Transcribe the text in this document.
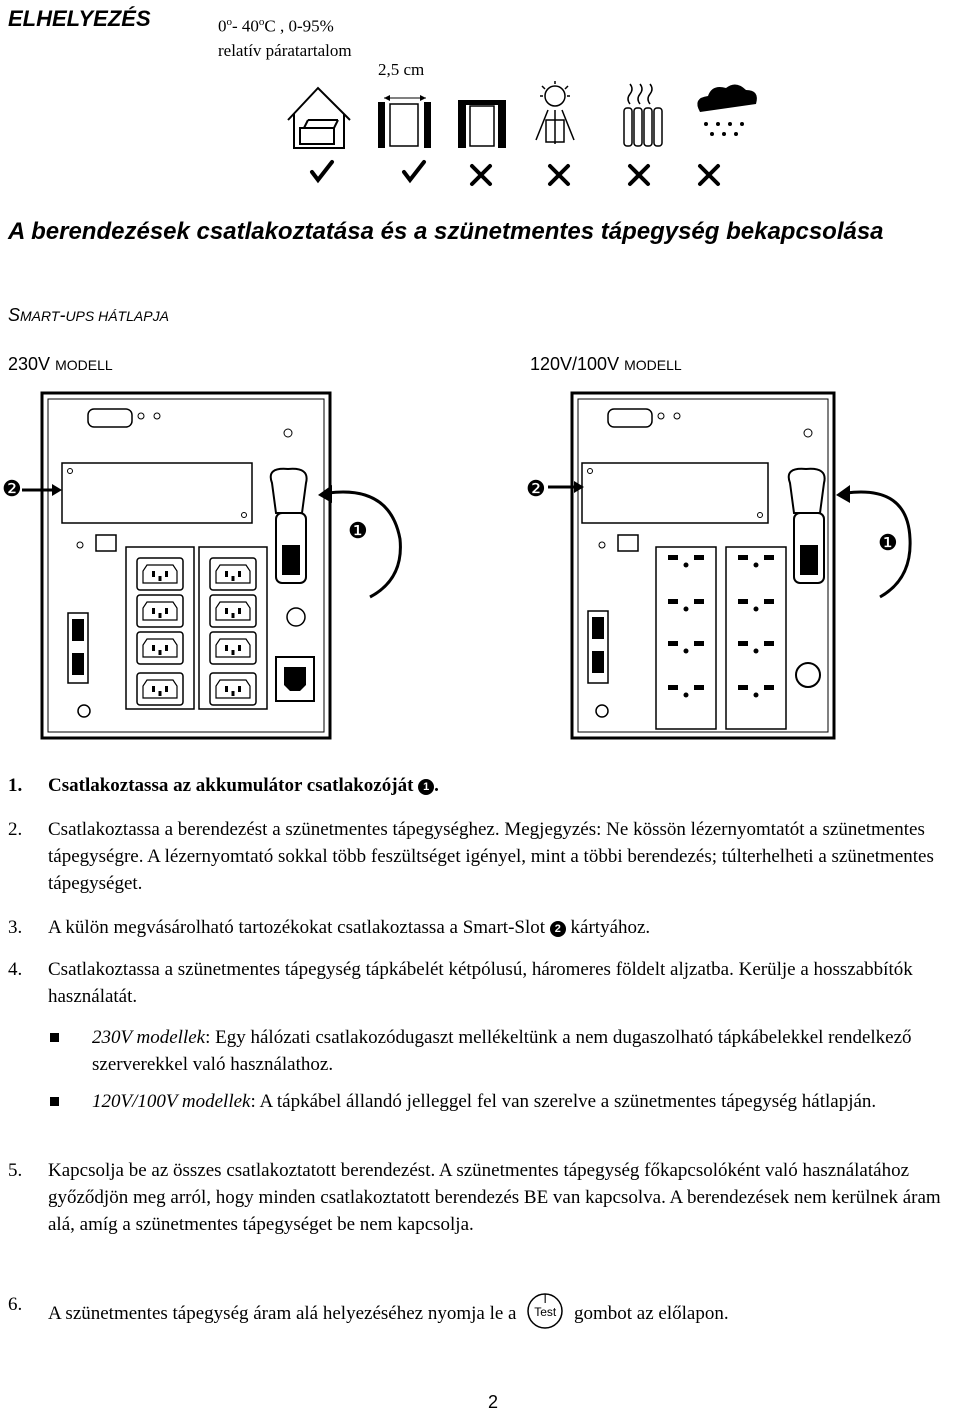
ELHELYEZÉS	0$^o$- 40$^o$C , 0-95%
relatív páratartalom
2,5 cm
A berendezések csatlakoztatása és a szünetmentes tápegység bekapcsolása
SMART-UPS HÁTLAPJA
230V MODELL	120V/100V MODELL
❷
❶
❷
❶
1. Csatlakoztassa az akkumulátor csatlakozóját 1 .
2. Csatlakoztassa a berendezést a szünetmentes tápegységhez. Megjegyzés: Ne kössön lézernyomtatót a szünetmentes tápegységre. A lézernyomtató sokkal több feszültséget igényel, mint a többi berendezés; túlterhelheti a szünetmentes tápegységet.
3. A külön megvásárolható tartozékokat csatlakoztassa a Smart-Slot 2 kártyához.
4. Csatlakoztassa a szünetmentes tápegység tápkábelét kétpólusú, háromeres földelt aljzatba. Kerülje a hosszabbítók használatát.
230V modellek: Egy hálózati csatlakozódugaszt mellékeltünk a nem dugaszolható tápkábelekkel rendelkező szerverekkel való használathoz.
120V/100V modellek: A tápkábel állandó jelleggel fel van szerelve a szünetmentes tápegység hátlapján.
5. Kapcsolja be az összes csatlakoztatott berendezést. A szünetmentes tápegység főkapcsolóként való használatához győződjön meg arról, hogy minden csatlakoztatott berendezés BE van kapcsolva. A berendezések nem kerülnek áram alá, amíg a szünetmentes tápegységet be nem kapcsolja.
6. A szünetmentes tápegység áram alá helyezéséhez nyomja le a
I
Test gombot az előlapon.
2
